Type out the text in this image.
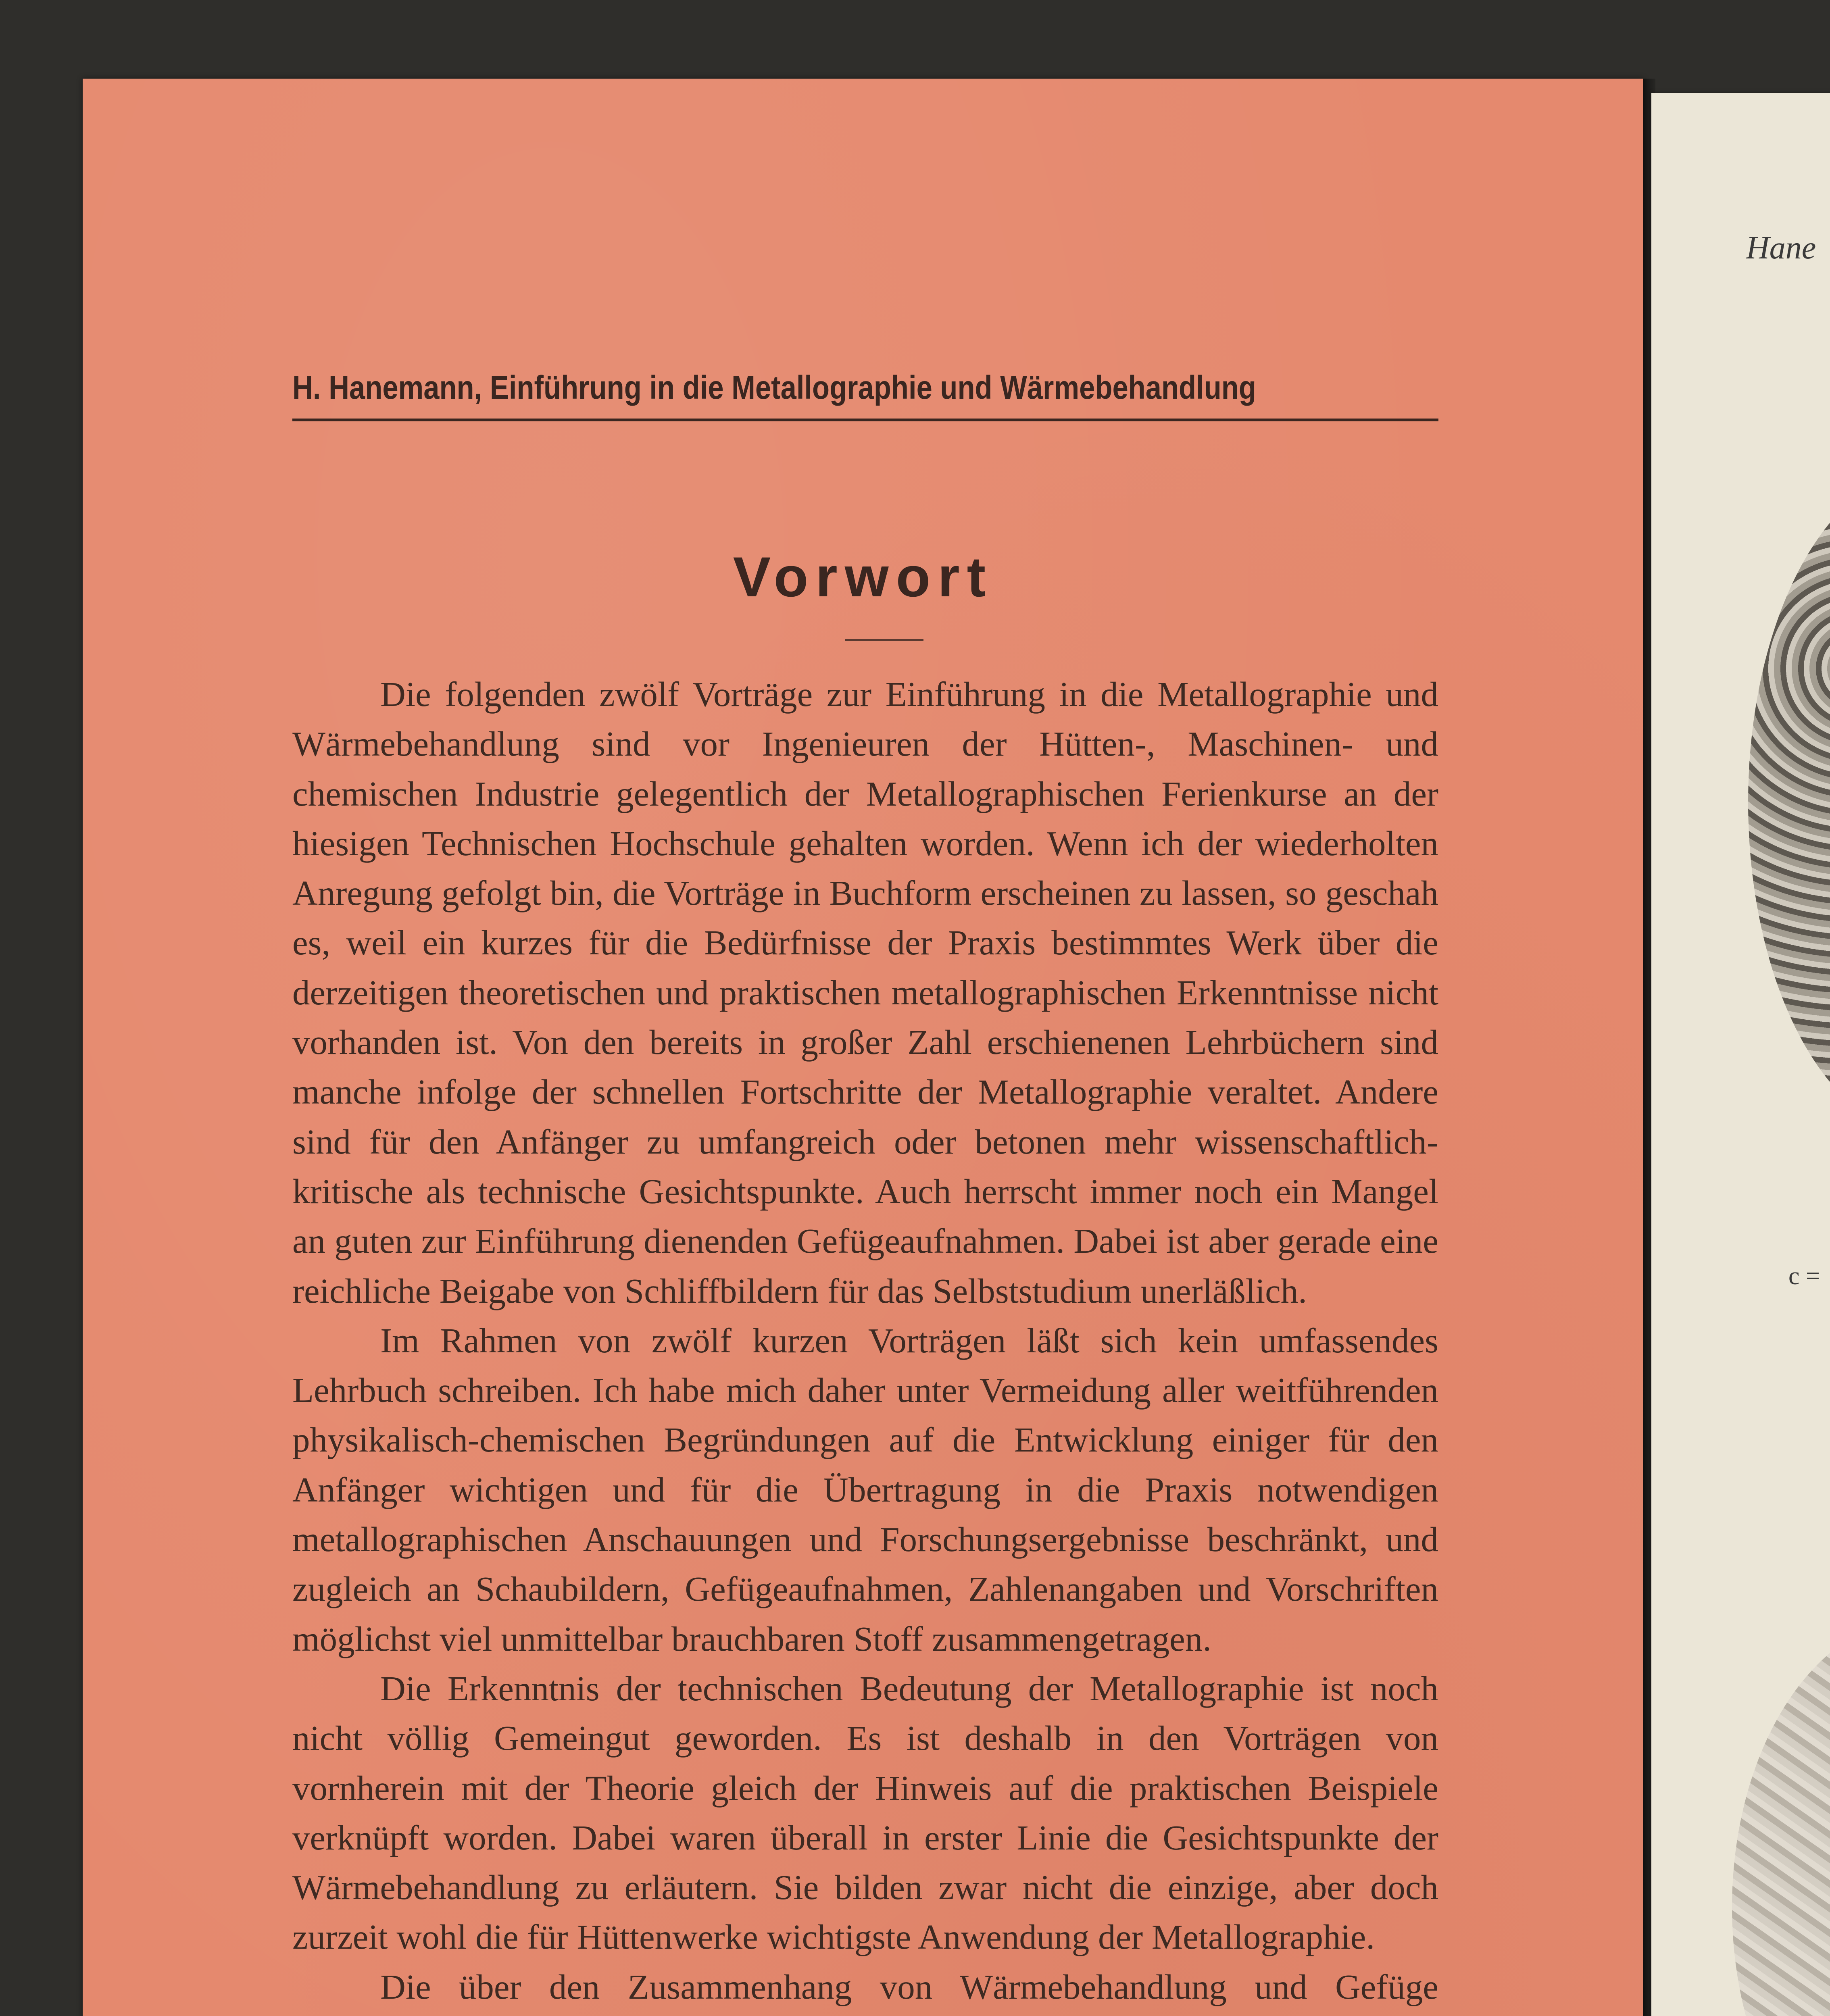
H. Hanemann, Einführung in die Metallographie und Wärmebehandlung
Vorwort

Die folgenden zwölf Vorträge zur Einführung in die Metallographie und Wärmebehandlung sind vor Ingenieuren der Hütten-, Maschinen- und chemischen Industrie gelegentlich der Metallographischen Ferienkurse an der hiesigen Technischen Hochschule gehalten worden. Wenn ich der wiederholten Anregung gefolgt bin, die Vorträge in Buchform erscheinen zu lassen, so geschah es, weil ein kurzes für die Bedürfnisse der Praxis bestimmtes Werk über die derzeitigen theoretischen und praktischen metallographischen Erkenntnisse nicht vorhanden ist. Von den bereits in großer Zahl erschienenen Lehrbüchern sind manche infolge der schnellen Fortschritte der Metallographie veraltet. Andere sind für den Anfänger zu umfangreich oder betonen mehr wissenschaftlich-kritische als technische Gesichtspunkte. Auch herrscht immer noch ein Mangel an guten zur Einführung dienenden Gefügeaufnahmen. Dabei ist aber gerade eine reichliche Beigabe von Schliffbildern für das Selbststudium unerläßlich.

Im Rahmen von zwölf kurzen Vorträgen läßt sich kein umfassendes Lehrbuch schreiben. Ich habe mich daher unter Vermeidung aller weitführenden physikalisch-chemischen Begründungen auf die Entwicklung einiger für den Anfänger wichtigen und für die Übertragung in die Praxis notwendigen metallographischen Anschauungen und Forschungsergebnisse beschränkt, und zugleich an Schaubildern, Gefügeaufnahmen, Zahlenangaben und Vorschriften möglichst viel unmittelbar brauchbaren Stoff zusammengetragen.

Die Erkenntnis der technischen Bedeutung der Metallographie ist noch nicht völlig Gemeingut geworden. Es ist deshalb in den Vorträgen von vornherein mit der Theorie gleich der Hinweis auf die praktischen Beispiele verknüpft worden. Dabei waren überall in erster Linie die Gesichtspunkte der Wärmebehandlung zu erläutern. Sie bilden zwar nicht die einzige, aber doch zurzeit wohl die für Hüttenwerke wichtigste Anwendung der Metallographie.

Die über den Zusammenhang von Wärmebehandlung und Gefüge

Hane
c =
